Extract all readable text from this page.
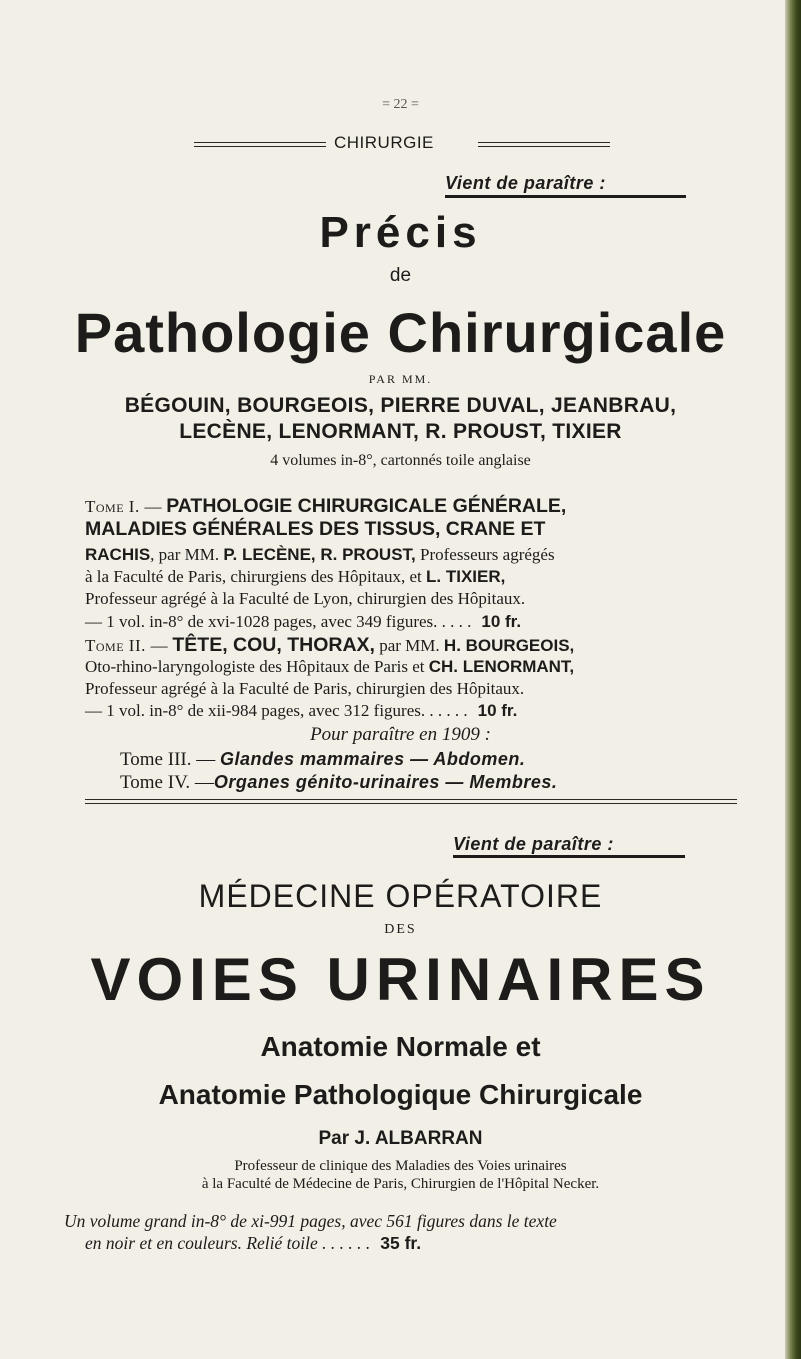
= 22 =
CHIRURGIE
Vient de paraître :
Précis
de
Pathologie Chirurgicale
PAR MM.
BÉGOUIN, BOURGEOIS, PIERRE DUVAL, JEANBRAU,
LECÈNE, LENORMANT, R. PROUST, TIXIER
4 volumes in-8°, cartonnés toile anglaise
Tome I. — PATHOLOGIE CHIRURGICALE GÉNÉRALE,
MALADIES GÉNÉRALES DES TISSUS, CRANE ET
RACHIS, par MM. P. LECÈNE, R. PROUST, Professeurs agrégés
à la Faculté de Paris, chirurgiens des Hôpitaux, et L. TIXIER,
Professeur agrégé à la Faculté de Lyon, chirurgien des Hôpitaux.
— 1 vol. in-8° de xvi-1028 pages, avec 349 figures. . . . . 10 fr.
Tome II. — TÊTE, COU, THORAX, par MM. H. BOURGEOIS,
Oto-rhino-laryngologiste des Hôpitaux de Paris et CH. LENORMANT,
Professeur agrégé à la Faculté de Paris, chirurgien des Hôpitaux.
— 1 vol. in-8° de xii-984 pages, avec 312 figures. . . . . . 10 fr.
Pour paraître en 1909 :
Tome III. — Glandes mammaires — Abdomen.
Tome IV. —Organes génito-urinaires — Membres.
Vient de paraître :
MÉDECINE OPÉRATOIRE
DES
VOIES URINAIRES
Anatomie Normale et
Anatomie Pathologique Chirurgicale
Par J. ALBARRAN
Professeur de clinique des Maladies des Voies urinaires
à la Faculté de Médecine de Paris, Chirurgien de l'Hôpital Necker.
Un volume grand in-8° de xi-991 pages, avec 561 figures dans le texte
en noir et en couleurs. Relié toile . . . . . . 35 fr.
